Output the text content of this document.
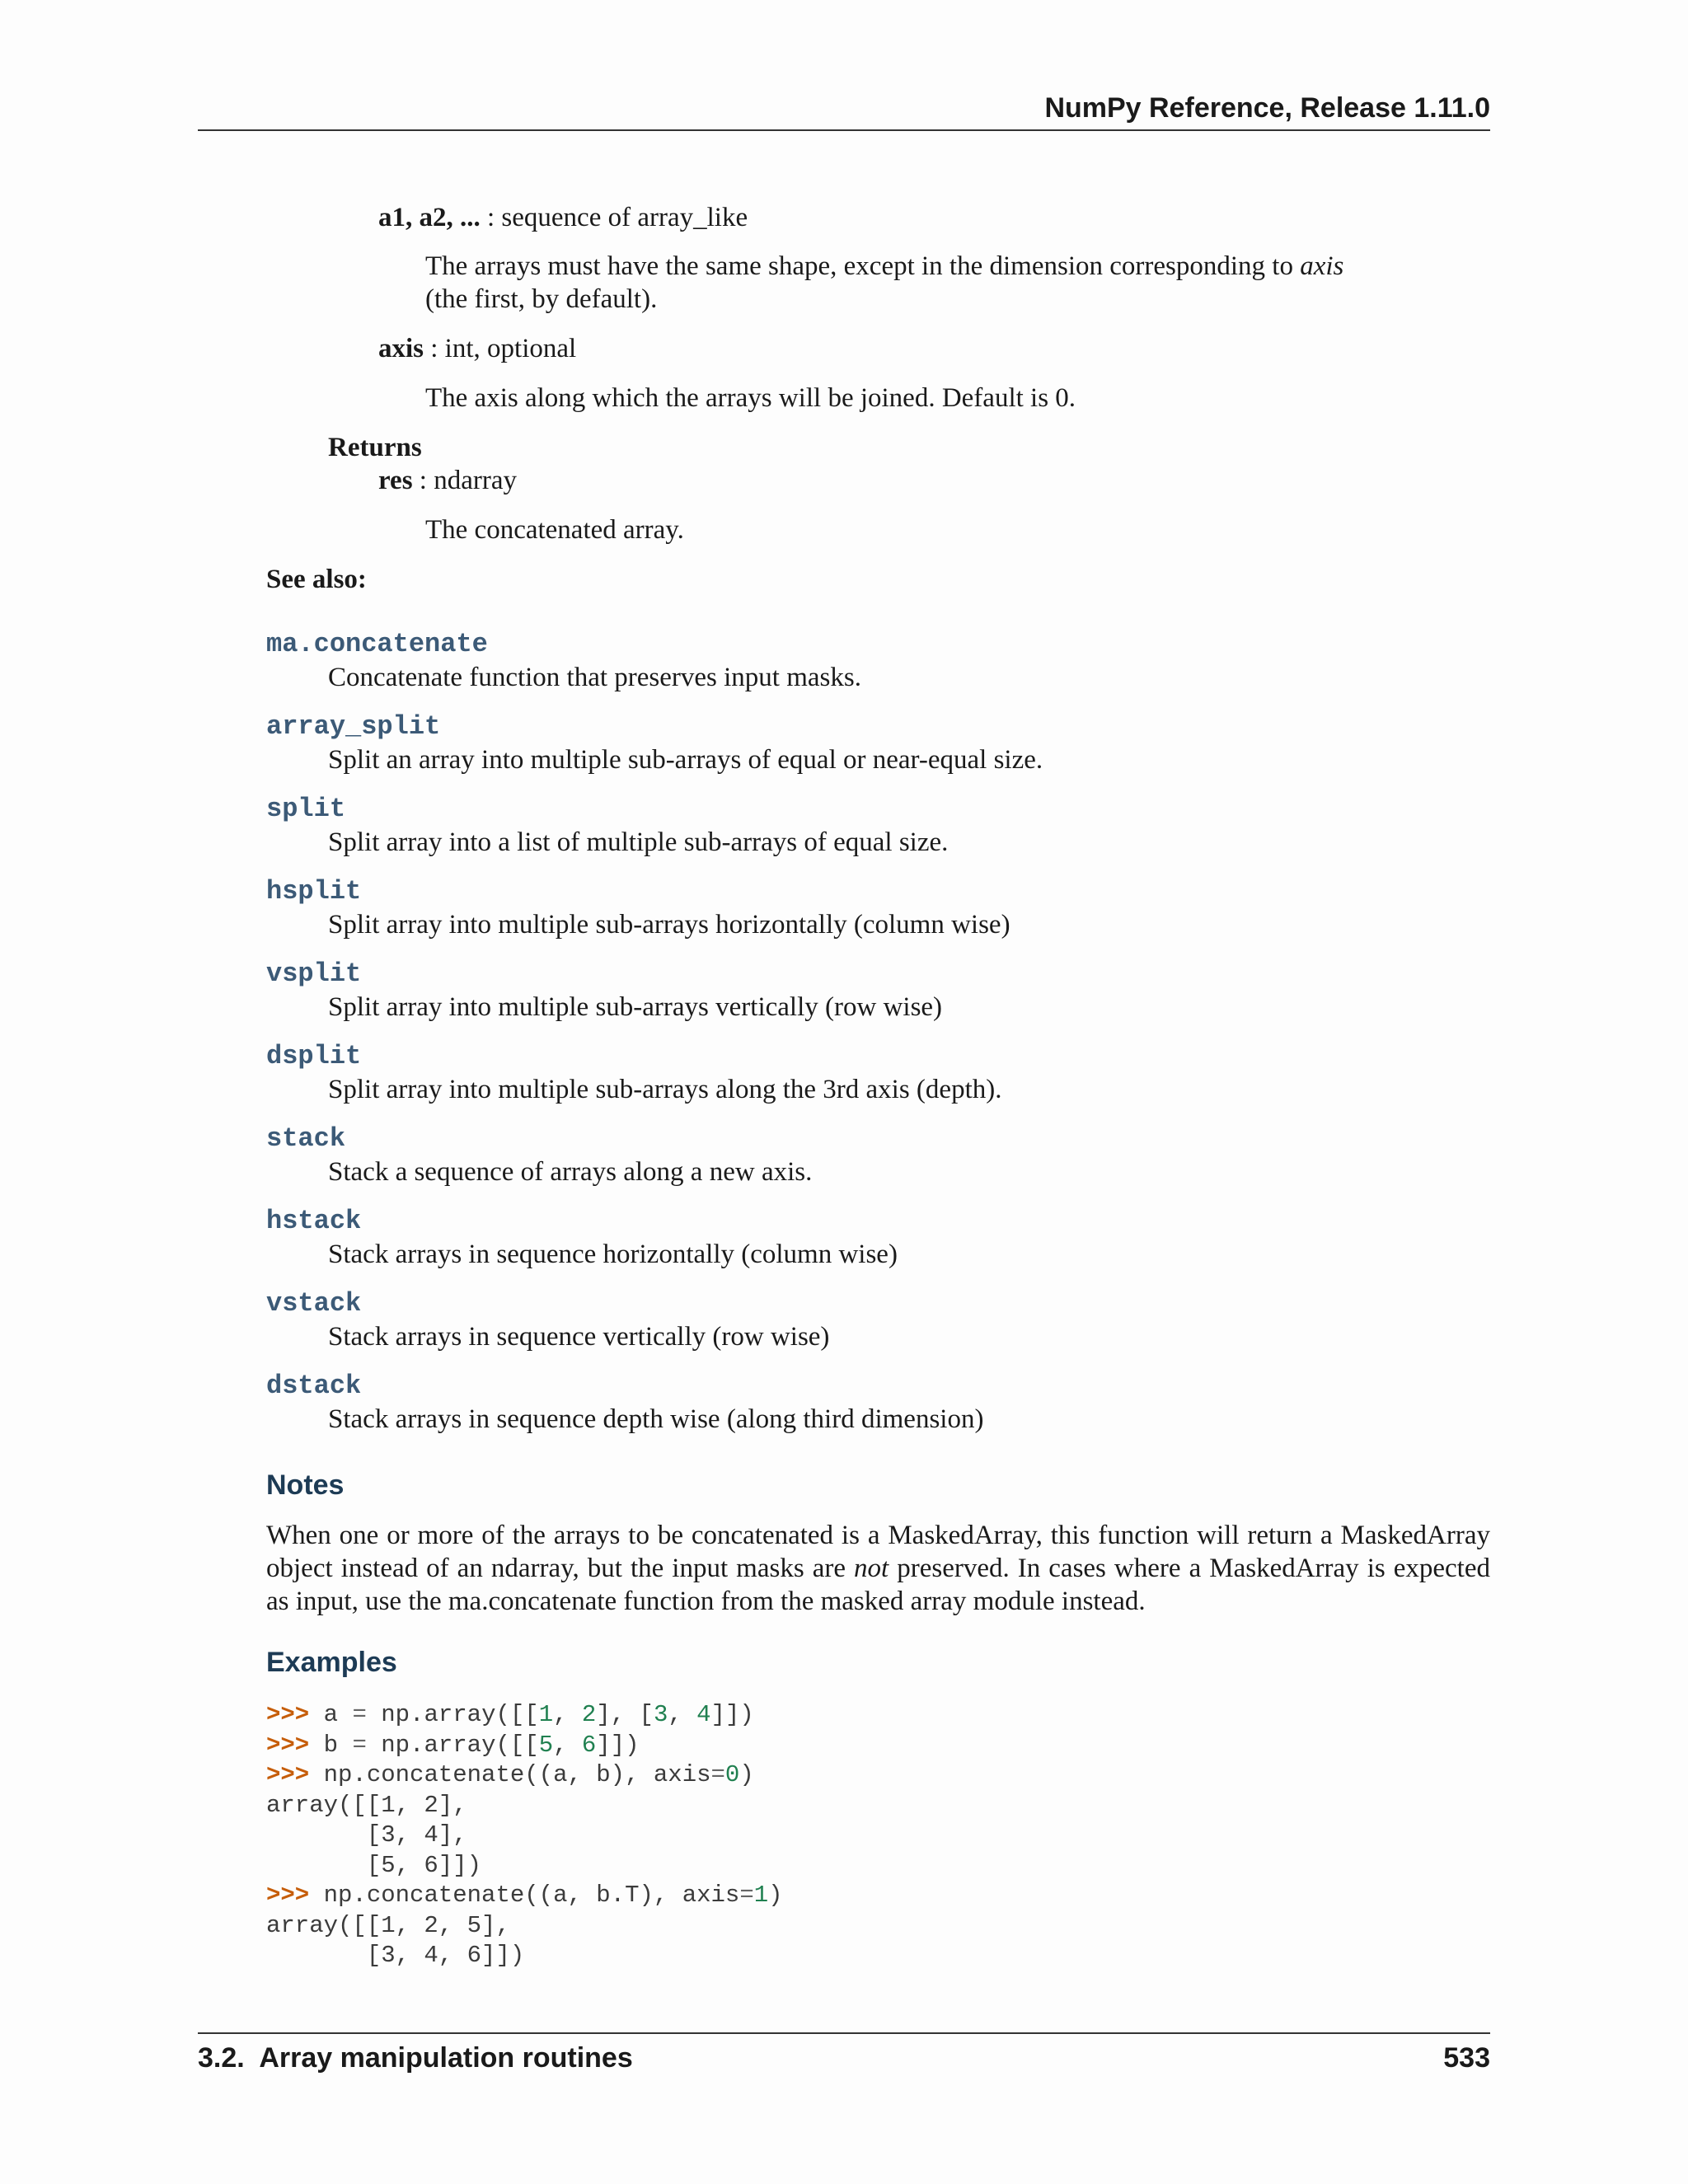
NumPy Reference, Release 1.11.0
a1, a2, ... : sequence of array_like
The arrays must have the same shape, except in the dimension corresponding to axis
(the first, by default).
axis : int, optional
The axis along which the arrays will be joined. Default is 0.
Returns
res : ndarray
The concatenated array.
See also:
ma.concatenate
Concatenate function that preserves input masks.
array_split
Split an array into multiple sub-arrays of equal or near-equal size.
split
Split array into a list of multiple sub-arrays of equal size.
hsplit
Split array into multiple sub-arrays horizontally (column wise)
vsplit
Split array into multiple sub-arrays vertically (row wise)
dsplit
Split array into multiple sub-arrays along the 3rd axis (depth).
stack
Stack a sequence of arrays along a new axis.
hstack
Stack arrays in sequence horizontally (column wise)
vstack
Stack arrays in sequence vertically (row wise)
dstack
Stack arrays in sequence depth wise (along third dimension)
Notes
When one or more of the arrays to be concatenated is a MaskedArray, this function will return a MaskedArray object instead of an ndarray, but the input masks are not preserved. In cases where a MaskedArray is expected as input, use the ma.concatenate function from the masked array module instead.
Examples
>>> a = np.array([[1, 2], [3, 4]])
>>> b = np.array([[5, 6]])
>>> np.concatenate((a, b), axis=0)
array([[1, 2],
[3, 4],
[5, 6]])
>>> np.concatenate((a, b.T), axis=1)
array([[1, 2, 5],
[3, 4, 6]])
3.2.  Array manipulation routines	533
